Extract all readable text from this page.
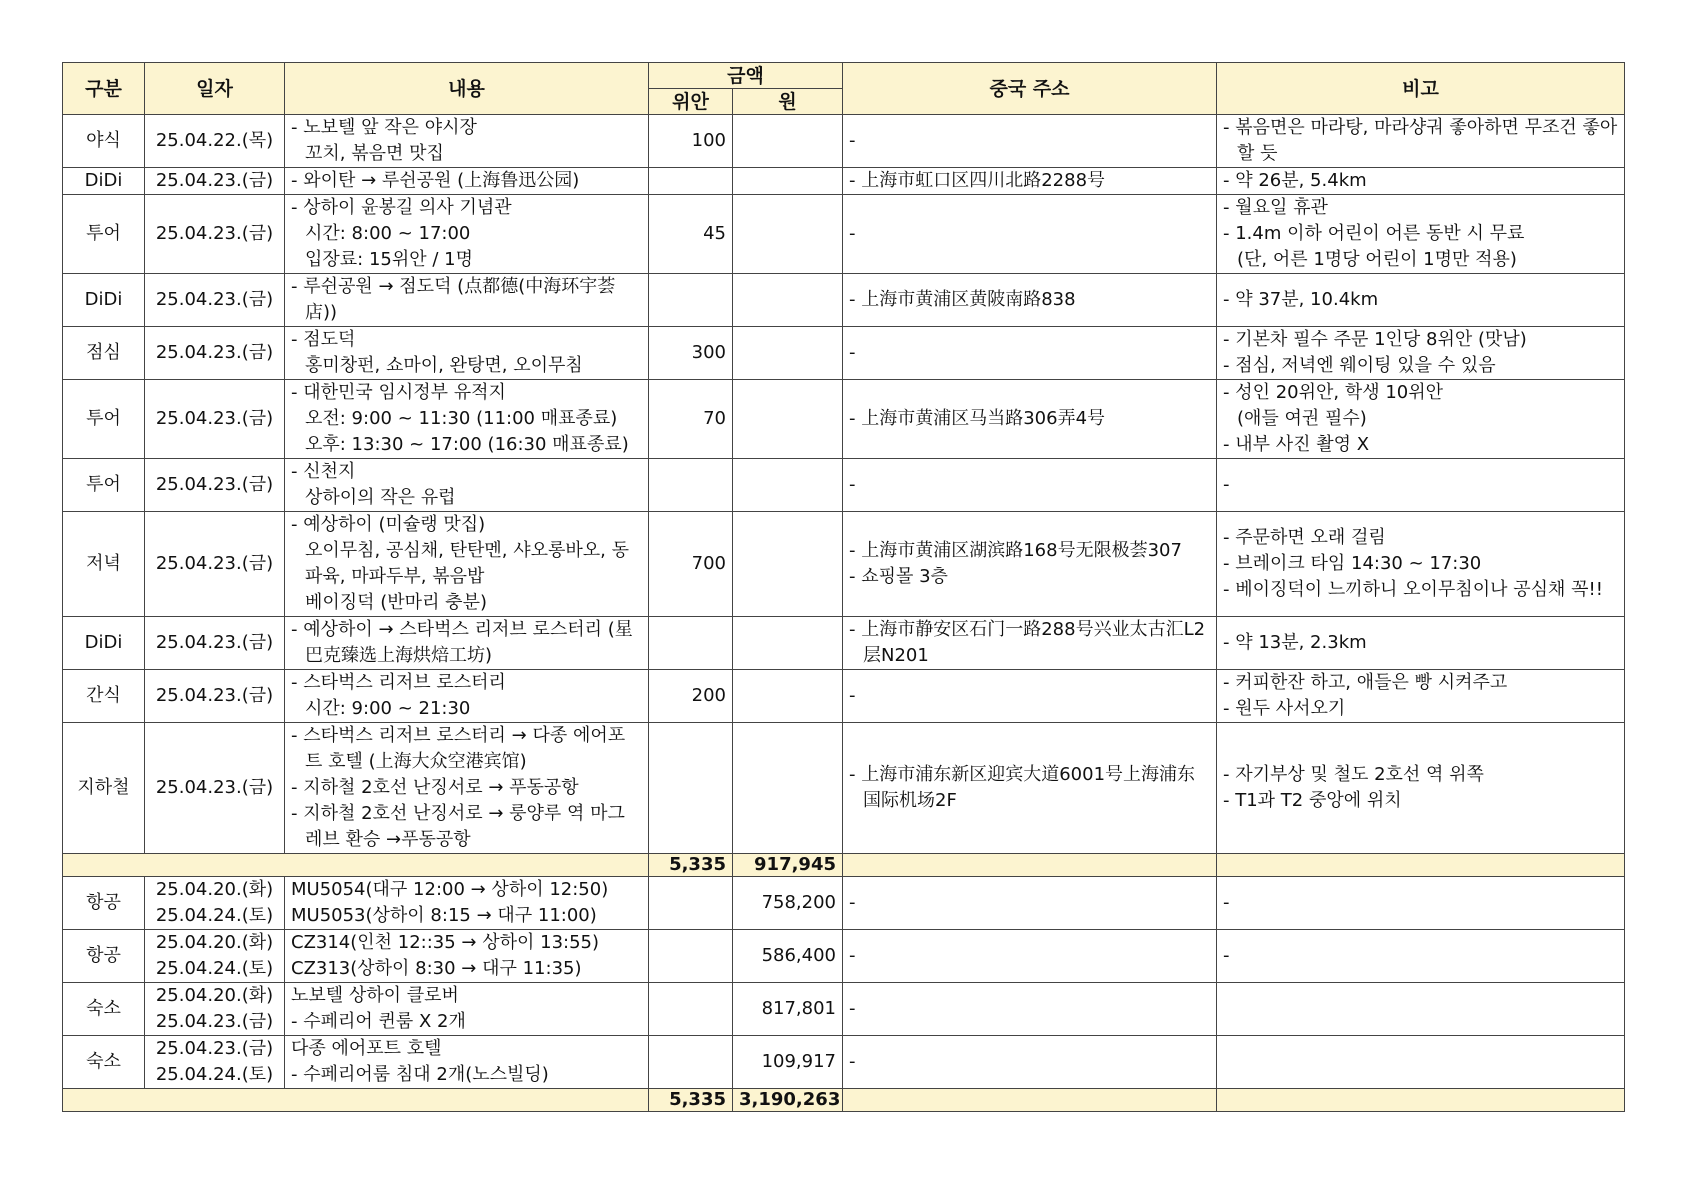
구분	일자	내용	금액		중국 주소	비고
			위안	원		
야식	25.04.22.(목)	- 노보텔 앞 작은 야시장
꼬치, 볶음면 맛집	100		-	- 볶음면은 마라탕, 마라샹궈 좋아하면 무조건 좋아할 듯

DiDi	25.04.23.(금)	- 와이탄 → 루쉰공원 (上海鲁迅公园)			- 上海市虹口区四川北路2288号	- 약 26분, 5.4km

투어	25.04.23.(금)	- 상하이 윤봉길 의사 기념관
시간: 8:00 ~ 17:00
입장료: 15위안 / 1명	45		-	- 월요일 휴관
- 1.4m 이하 어린이 어른 동반 시 무료
(단, 어른 1명당 어린이 1명만 적용)

DiDi	25.04.23.(금)	- 루쉰공원 → 점도덕 (点都德(中海环宇荟店))			- 上海市黄浦区黄陂南路838	- 약 37분, 10.4km

점심	25.04.23.(금)	- 점도덕
홍미창펀, 쇼마이, 완탕면, 오이무침	300		-	- 기본차 필수 주문 1인당 8위안 (맛남)
- 점심, 저녁엔 웨이팅 있을 수 있음

투어	25.04.23.(금)	- 대한민국 임시정부 유적지
오전: 9:00 ~ 11:30 (11:00 매표종료)
오후: 13:30 ~ 17:00 (16:30 매표종료)	70		- 上海市黄浦区马当路306弄4号	- 성인 20위안, 학생 10위안
(애들 여권 필수)
- 내부 사진 촬영 X

투어	25.04.23.(금)	- 신천지
상하이의 작은 유럽			-	-

저녁	25.04.23.(금)	- 예상하이 (미슐랭 맛집)
오이무침, 공심채, 탄탄멘, 샤오롱바오, 동파육, 마파두부, 볶음밥
베이징덕 (반마리 충분)	700		- 上海市黄浦区湖滨路168号无限极荟307
- 쇼핑몰 3층	- 주문하면 오래 걸림
- 브레이크 타임 14:30 ~ 17:30
- 베이징덕이 느끼하니 오이무침이나 공심채 꼭!!

DiDi	25.04.23.(금)	- 예상하이 → 스타벅스 리저브 로스터리 (星巴克臻选上海烘焙工坊)			- 上海市静安区石门一路288号兴业太古汇L2层N201	- 약 13분, 2.3km

간식	25.04.23.(금)	- 스타벅스 리저브 로스터리
시간: 9:00 ~ 21:30	200		-	- 커피한잔 하고, 애들은 빵 시켜주고
- 원두 사서오기

지하철	25.04.23.(금)	- 스타벅스 리저브 로스터리 → 다종 에어포트 호텔 (上海大众空港宾馆)
- 지하철 2호선 난징서로 → 푸동공항
- 지하철 2호선 난징서로 → 룽양루 역 마그레브 환승 →푸동공항			- 上海市浦东新区迎宾大道6001号上海浦东国际机场2F	- 자기부상 및 철도 2호선 역 위쪽
- T1과 T2 중앙에 위치

			5,335	917,945		
항공	25.04.20.(화)
25.04.24.(토)	MU5054(대구 12:00 → 상하이 12:50)
MU5053(상하이 8:15 → 대구 11:00)		758,200	-	-

항공	25.04.20.(화)
25.04.24.(토)	CZ314(인천 12::35 → 상하이 13:55)
CZ313(상하이 8:30 → 대구 11:35)		586,400	-	-

숙소	25.04.20.(화)
25.04.23.(금)	노보텔 상하이 클로버
- 수페리어 퀸룸 X 2개		817,801	-	

숙소	25.04.23.(금)
25.04.24.(토)	다종 에어포트 호텔
- 수페리어룸 침대 2개(노스빌딩)		109,917	-	

			5,335	3,190,263		
